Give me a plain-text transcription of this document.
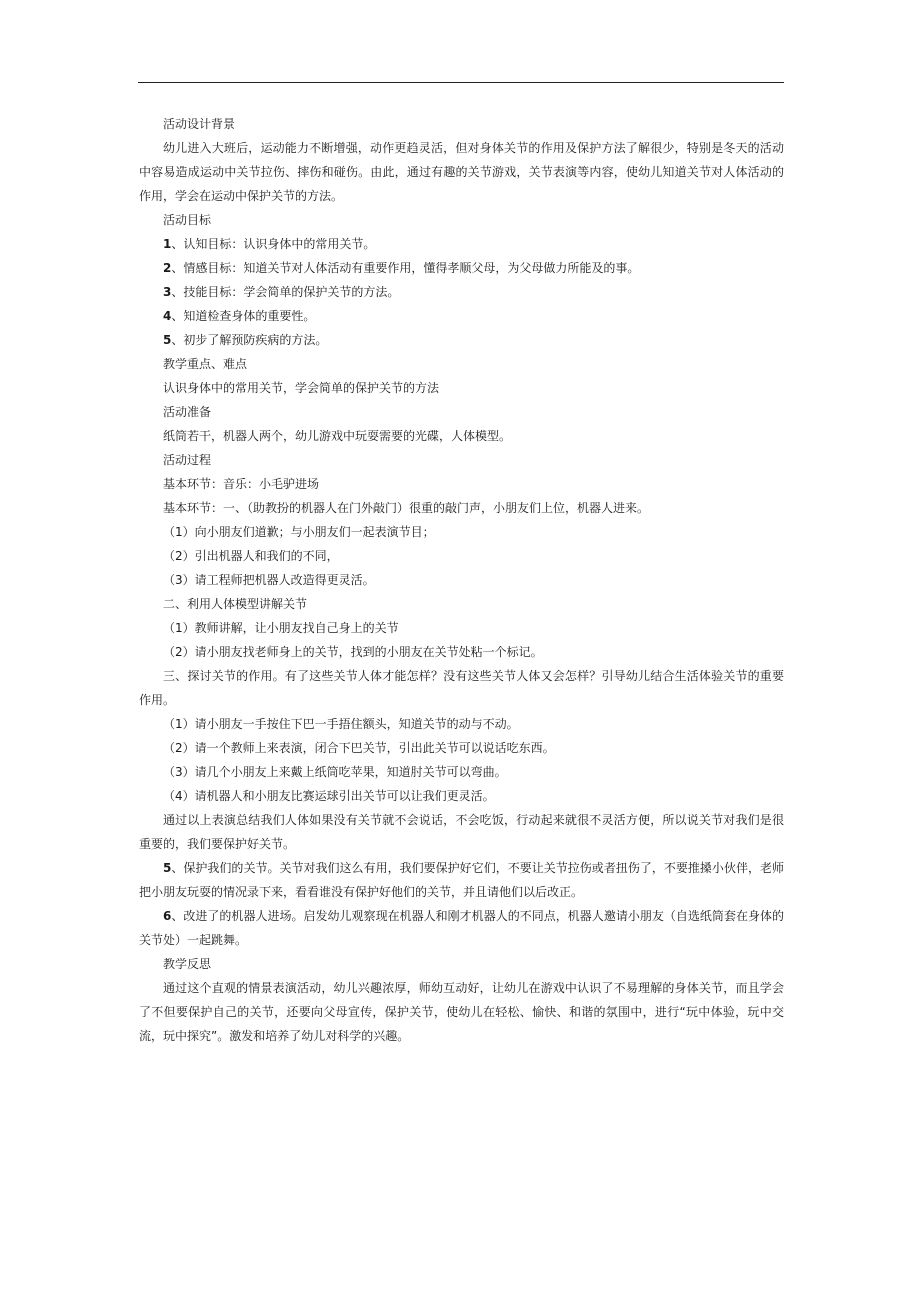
活动设计背景

幼儿进入大班后，运动能力不断增强，动作更趋灵活，但对身体关节的作用及保护方法了解很少，特别是冬天的活动中容易造成运动中关节拉伤、摔伤和碰伤。由此，通过有趣的关节游戏，关节表演等内容，使幼儿知道关节对人体活动的作用，学会在运动中保护关节的方法。

活动目标

1、认知目标：认识身体中的常用关节。

2、情感目标：知道关节对人体活动有重要作用，懂得孝顺父母，为父母做力所能及的事。

3、技能目标：学会简单的保护关节的方法。

4、知道检查身体的重要性。

5、初步了解预防疾病的方法。

教学重点、难点

认识身体中的常用关节，学会简单的保护关节的方法

活动准备

纸筒若干，机器人两个，幼儿游戏中玩耍需要的光碟，人体模型。

活动过程

基本环节：音乐：小毛驴进场

基本环节：一、（助教扮的机器人在门外敲门）很重的敲门声，小朋友们上位，机器人进来。

（1）向小朋友们道歉；与小朋友们一起表演节目；

（2）引出机器人和我们的不同，

（3）请工程师把机器人改造得更灵活。

二、利用人体模型讲解关节

（1）教师讲解，让小朋友找自己身上的关节

（2）请小朋友找老师身上的关节，找到的小朋友在关节处粘一个标记。

三、探讨关节的作用。有了这些关节人体才能怎样？没有这些关节人体又会怎样？引导幼儿结合生活体验关节的重要作用。

（1）请小朋友一手按住下巴一手捂住额头，知道关节的动与不动。

（2）请一个教师上来表演，闭合下巴关节，引出此关节可以说话吃东西。

（3）请几个小朋友上来戴上纸筒吃苹果，知道肘关节可以弯曲。

（4）请机器人和小朋友比赛运球引出关节可以让我们更灵活。

通过以上表演总结我们人体如果没有关节就不会说话，不会吃饭，行动起来就很不灵活方便，所以说关节对我们是很重要的，我们要保护好关节。

5、保护我们的关节。关节对我们这么有用，我们要保护好它们，不要让关节拉伤或者扭伤了，不要推搡小伙伴，老师把小朋友玩耍的情况录下来，看看谁没有保护好他们的关节，并且请他们以后改正。

6、改进了的机器人进场。启发幼儿观察现在机器人和刚才机器人的不同点，机器人邀请小朋友（自选纸筒套在身体的关节处）一起跳舞。

教学反思

通过这个直观的情景表演活动，幼儿兴趣浓厚，师幼互动好，让幼儿在游戏中认识了不易理解的身体关节，而且学会了不但要保护自己的关节，还要向父母宣传，保护关节，使幼儿在轻松、愉快、和谐的氛围中，进行“玩中体验，玩中交流，玩中探究”。激发和培养了幼儿对科学的兴趣。
